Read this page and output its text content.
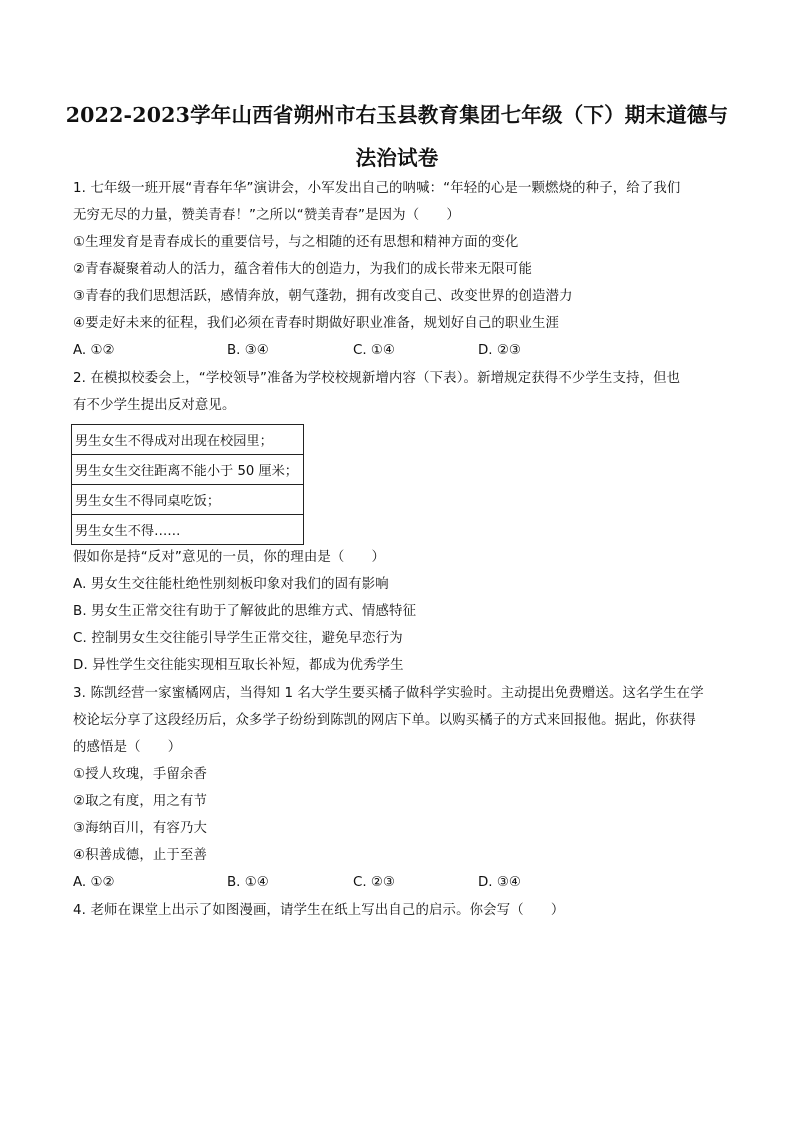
2022-2023学年山西省朔州市右玉县教育集团七年级（下）期末道德与
法治试卷
1. 七年级一班开展“青春年华”演讲会，小军发出自己的呐喊：“年轻的心是一颗燃烧的种子，给了我们
无穷无尽的力量，赞美青春！”之所以“赞美青春”是因为（　　）
①生理发育是青春成长的重要信号，与之相随的还有思想和精神方面的变化
②青春凝聚着动人的活力，蕴含着伟大的创造力，为我们的成长带来无限可能
③青春的我们思想活跃，感情奔放，朝气蓬勃，拥有改变自己、改变世界的创造潜力
④要走好未来的征程，我们必须在青春时期做好职业准备，规划好自己的职业生涯
A. ①②	B. ③④	C. ①④	D. ②③
2. 在模拟校委会上，“学校领导”准备为学校校规新增内容（下表）。新增规定获得不少学生支持，但也
有不少学生提出反对意见。
男生女生不得成对出现在校园里；
男生女生交往距离不能小于 50 厘米；
男生女生不得同桌吃饭；
男生女生不得……
假如你是持“反对”意见的一员，你的理由是（　　）
A. 男女生交往能杜绝性别刻板印象对我们的固有影响
B. 男女生正常交往有助于了解彼此的思维方式、情感特征
C. 控制男女生交往能引导学生正常交往，避免早恋行为
D. 异性学生交往能实现相互取长补短，都成为优秀学生
3. 陈凯经营一家蜜橘网店，当得知 1 名大学生要买橘子做科学实验时。主动提出免费赠送。这名学生在学
校论坛分享了这段经历后，众多学子纷纷到陈凯的网店下单。以购买橘子的方式来回报他。据此，你获得
的感悟是（　　）
①授人玫瑰，手留余香
②取之有度，用之有节
③海纳百川，有容乃大
④积善成德，止于至善
A. ①②	B. ①④	C. ②③	D. ③④
4. 老师在课堂上出示了如图漫画，请学生在纸上写出自己的启示。你会写（　　）
